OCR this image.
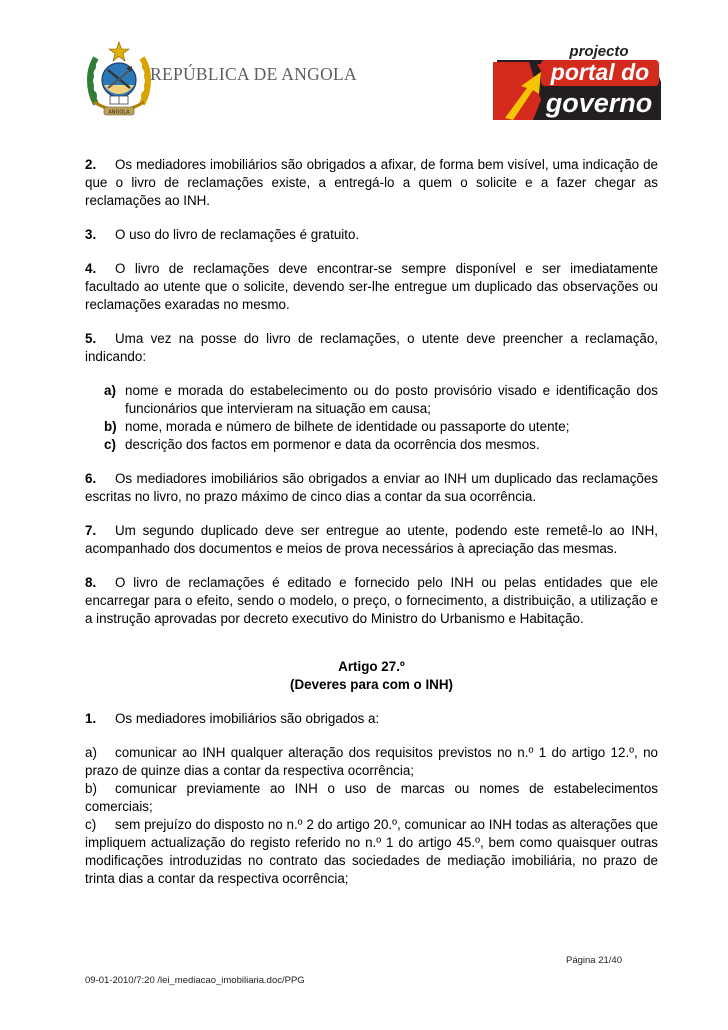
ANGOLA
REPÚBLICA DE ANGOLA
projecto
portal do
governo

2. Os mediadores imobiliários são obrigados a afixar, de forma bem visível, uma indicação de que o livro de reclamações existe, a entregá-lo a quem o solicite e a fazer chegar as reclamações ao INH.

3. O uso do livro de reclamações é gratuito.

4. O livro de reclamações deve encontrar-se sempre disponível e ser imediatamente facultado ao utente que o solicite, devendo ser-lhe entregue um duplicado das observações ou reclamações exaradas no mesmo.

5. Uma vez na posse do livro de reclamações, o utente deve preencher a reclamação, indicando:

a) nome e morada do estabelecimento ou do posto provisório visado e identificação dos funcionários que intervieram na situação em causa;
b) nome, morada e número de bilhete de identidade ou passaporte do utente;
c) descrição dos factos em pormenor e data da ocorrência dos mesmos.

6. Os mediadores imobiliários são obrigados a enviar ao INH um duplicado das reclamações escritas no livro, no prazo máximo de cinco dias a contar da sua ocorrência.

7. Um segundo duplicado deve ser entregue ao utente, podendo este remetê-lo ao INH, acompanhado dos documentos e meios de prova necessários à apreciação das mesmas.

8. O livro de reclamações é editado e fornecido pelo INH ou pelas entidades que ele encarregar para o efeito, sendo o modelo, o preço, o fornecimento, a distribuição, a utilização e a instrução aprovadas por decreto executivo do Ministro do Urbanismo e Habitação.

Artigo 27.º
(Deveres para com o INH)

1. Os mediadores imobiliários são obrigados a:

a) comunicar ao INH qualquer alteração dos requisitos previstos no n.º 1 do artigo 12.º, no prazo de quinze dias a contar da respectiva ocorrência;

b) comunicar previamente ao INH o uso de marcas ou nomes de estabelecimentos comerciais;

c) sem prejuízo do disposto no n.º 2 do artigo 20.º, comunicar ao INH todas as alterações que impliquem actualização do registo referido no n.º 1 do artigo 45.º, bem como quaisquer outras modificações introduzidas no contrato das sociedades de mediação imobiliária, no prazo de trinta dias a contar da respectiva ocorrência;

Página 21/40
09-01-2010/7:20 /lei_mediacao_imobiliaria.doc/PPG
